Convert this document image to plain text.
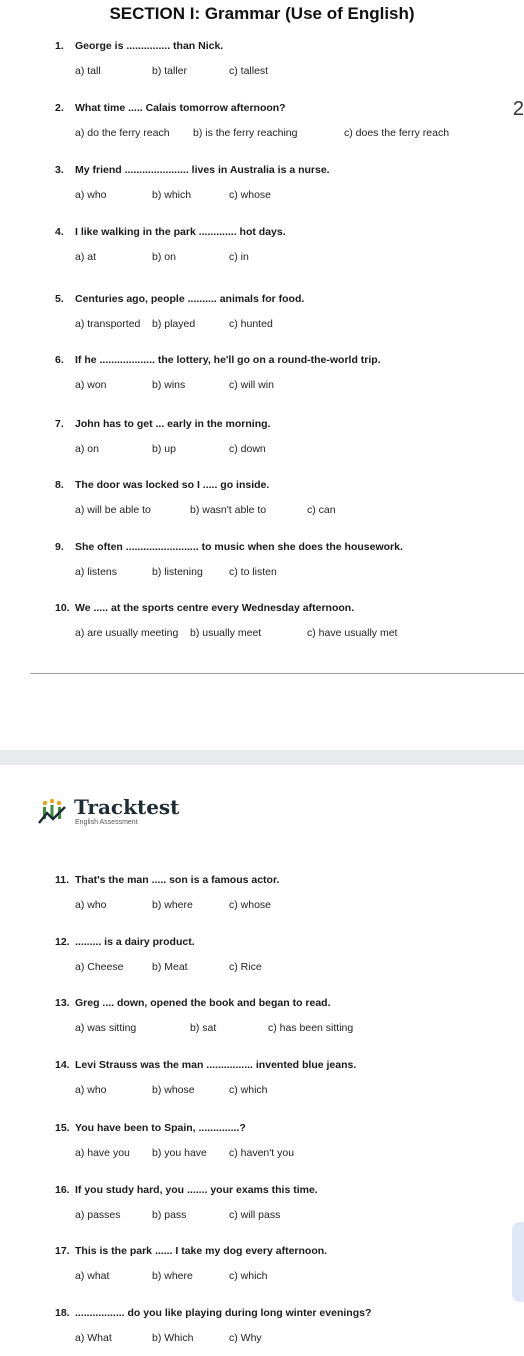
SECTION I: Grammar (Use of English)
2
Tracktest
English Assessment
1. George is ............... than Nick.
a) tall	b) taller	c) tallest
2. What time ..... Calais tomorrow afternoon?
a) do the ferry reach b) is the ferry reaching	c) does the ferry reach
3. My friend ...................... lives in Australia is a nurse.
a) who	b) which	c) whose
4. I like walking in the park ............. hot days.
a) at	b) on	c) in
5. Centuries ago, people .......... animals for food.
a) transported b) played	c) hunted
6. If he ................... the lottery, he'll go on a round-the-world trip.
a) won	b) wins	c) will win
7. John has to get ... early in the morning.
a) on	b) up	c) down
8. The door was locked so I ..... go inside.
a) will be able to	b) wasn't able to	c) can
9. She often ......................... to music when she does the housework.
a) listens	b) listening c) to listen
10. We ..... at the sports centre every Wednesday afternoon.
a) are usually meeting b) usually meet	c) have usually met
11. That's the man ..... son is a famous actor.
a) who	b) where	c) whose
12. ......... is a dairy product.
a) Cheese	b) Meat	c) Rice
13. Greg .... down, opened the book and began to read.
a) was sitting	b) sat	c) has been sitting
14. Levi Strauss was the man ................ invented blue jeans.
a) who	b) whose	c) which
15. You have been to Spain, ..............?
a) have you b) you have c) haven't you
16. If you study hard, you ....... your exams this time.
a) passes	b) pass	c) will pass
17. This is the park ...... I take my dog every afternoon.
a) what	b) where	c) which
18. ................. do you like playing during long winter evenings?
a) What	b) Which	c) Why
